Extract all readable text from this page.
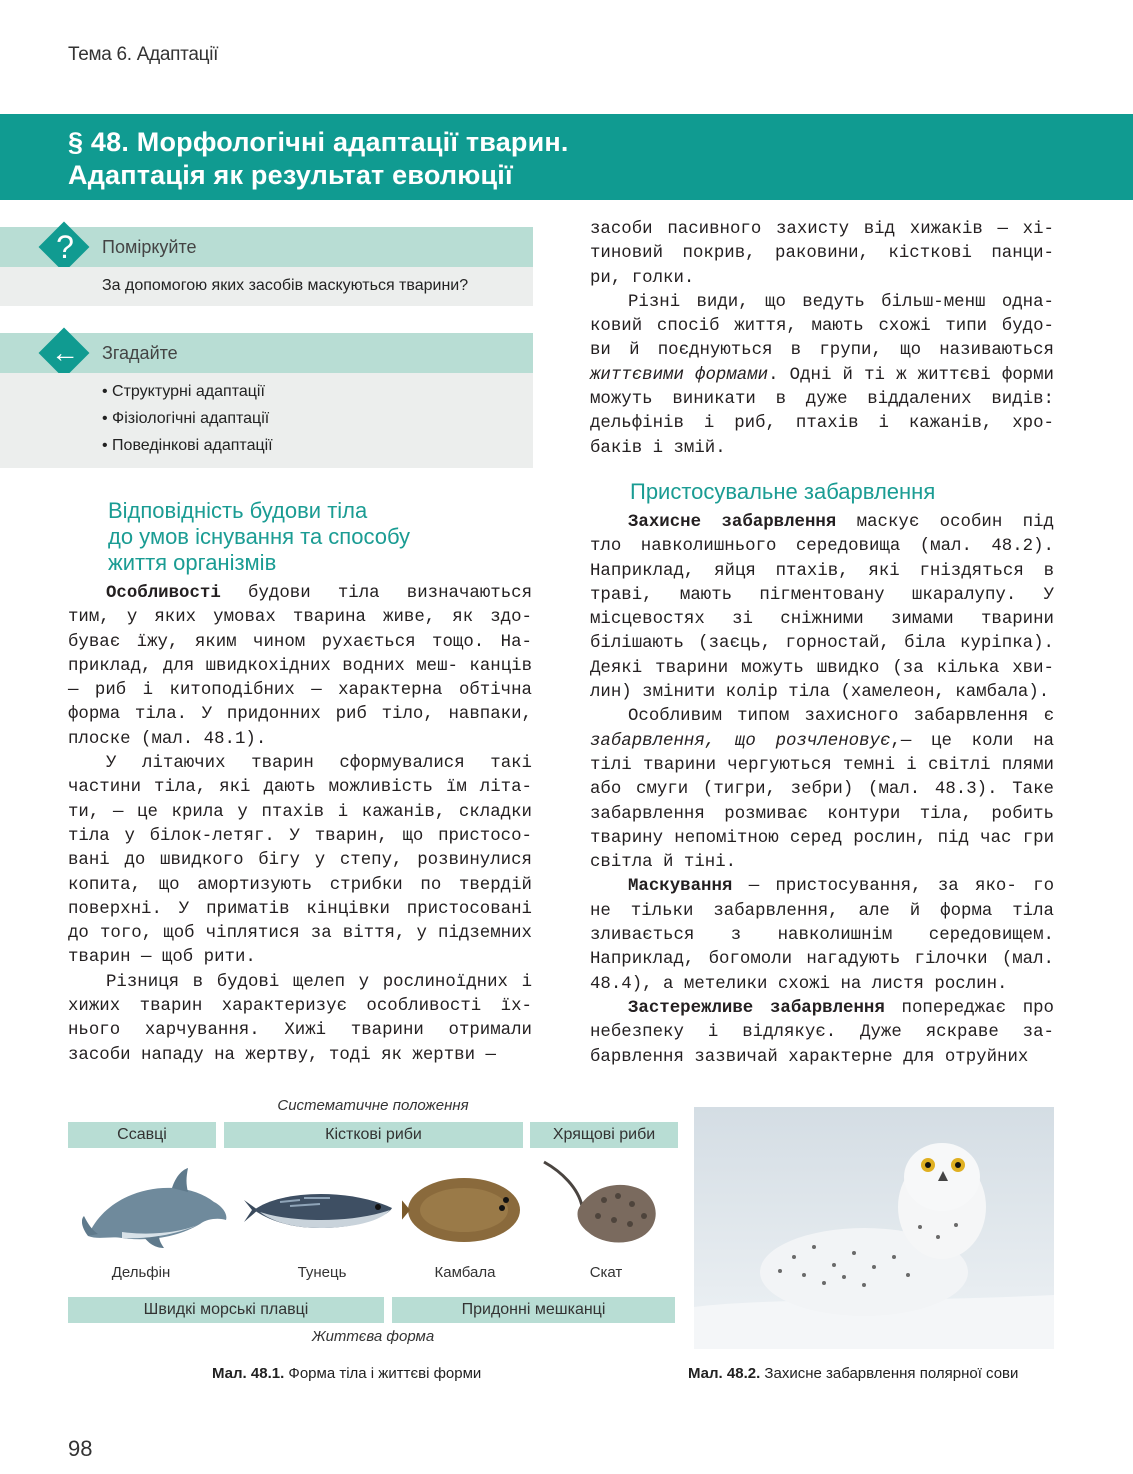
Тема 6. Адаптації
§ 48. Морфологічні адаптації тварин.
Адаптація як результат еволюції
?	Поміркуйте
За допомогою яких засобів маскуються тварини?
← Згадайте
• Структурні адаптації
• Фізіологічні адаптації
• Поведінкові адаптації
Відповідність будови тіла
до умов існування та способу
життя організмів

Особливості будови тіла визначаються тим, у яких умовах тварина живе, як здо- буває їжу, яким чином рухається тощо. На- приклад, для швидкохідних водних меш- канців — риб і китоподібних — характерна обтічна форма тіла. У придонних риб тіло, навпаки, плоске (мал. 48.1).

У літаючих тварин сформувалися такі частини тіла, які дають можливість їм літа- ти, — це крила у птахів і кажанів, складки тіла у білок-летяг. У тварин, що пристосо- вані до швидкого бігу у степу, розвинулися копита, що амортизують стрибки по твердій поверхні. У приматів кінцівки пристосовані до того, щоб чіплятися за віття, у підземних тварин — щоб рити.

Різниця в будові щелеп у рослиноїдних і хижих тварин характеризує особливості їх- нього харчування. Хижі тварини отримали засоби нападу на жертву, тоді як жертви —

засоби пасивного захисту від хижаків — хі- тиновий покрив, раковини, кісткові панци- ри, голки.

Різні види, що ведуть більш-менш одна- ковий спосіб життя, мають схожі типи будо- ви й поєднуються в групи, що називаються життєвими формами. Одні й ті ж життєві форми можуть виникати в дуже віддалених видів: дельфінів і риб, птахів і кажанів, хро- баків і змій.

Пристосувальне забарвлення

Захисне забарвлення маскує особин під тло навколишнього середовища (мал. 48.2). Наприклад, яйця птахів, які гніздяться в траві, мають пігментовану шкаралупу. У місцевостях зі сніжними зимами тварини білішають (заєць, горностай, біла куріпка). Деякі тварини можуть швидко (за кілька хви- лин) змінити колір тіла (хамелеон, камбала).

Особливим типом захисного забарвлення є забарвлення, що розчленовує,— це коли на тілі тварини чергуються темні і світлі плями або смуги (тигри, зебри) (мал. 48.3). Таке забарвлення розмиває контури тіла, робить тварину непомітною серед рослин, під час гри світла й тіні.

Маскування — пристосування, за яко- го не тільки забарвлення, але й форма тіла зливається з навколишнім середовищем. Наприклад, богомоли нагадують гілочки (мал. 48.4), а метелики схожі на листя рослин.

Застережливе забарвлення попереджає про небезпеку і відлякує. Дуже яскраве за- барвлення зазвичай характерне для отруйних

Систематичне положення
Ссавці	Кісткові риби	Хрящові риби
Дельфін	Тунець	Камбала	Скат
Швидкі морські плавці	Придонні мешканці
Життєва форма
Мал. 48.1. Форма тіла і життєві форми	Мал. 48.2. Захисне забарвлення полярної сови
98
